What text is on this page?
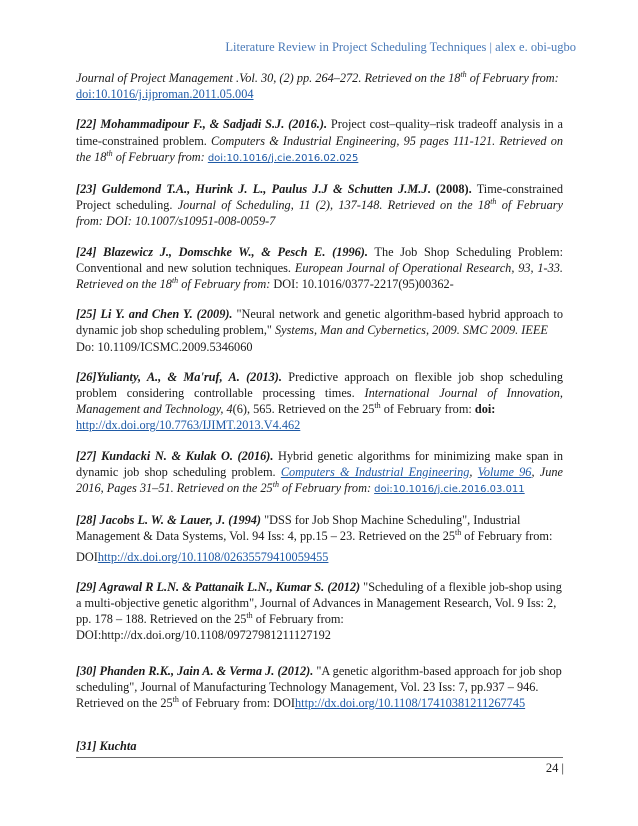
Literature Review in Project Scheduling Techniques | alex e. obi-ugbo

Journal of Project Management .Vol. 30, (2) pp. 264–272. Retrieved on the 18th of February from:
doi:10.1016/j.ijproman.2011.05.004

[22] Mohammadipour F., & Sadjadi S.J. (2016.). Project cost–quality–risk tradeoff analysis in a time-constrained problem. Computers & Industrial Engineering, 95 pages 111-121. Retrieved on the 18th of February from: doi:10.1016/j.cie.2016.02.025

[23] Guldemond T.A., Hurink J. L., Paulus J.J & Schutten J.M.J. (2008). Time-constrained Project scheduling. Journal of Scheduling, 11 (2), 137-148. Retrieved on the 18th of February from: DOI: 10.1007/s10951-008-0059-7

[24] Blazewicz J., Domschke W., & Pesch E. (1996). The Job Shop Scheduling Problem: Conventional and new solution techniques. European Journal of Operational Research, 93, 1-33. Retrieved on the 18th of February from: DOI: 10.1016/0377-2217(95)00362-

[25] Li Y. and Chen Y. (2009). "Neural network and genetic algorithm-based hybrid approach to dynamic job shop scheduling problem," Systems, Man and Cybernetics, 2009. SMC 2009. IEEE
Do: 10.1109/ICSMC.2009.5346060

[26]Yulianty, A., & Ma'ruf, A. (2013). Predictive approach on flexible job shop scheduling problem considering controllable processing times. International Journal of Innovation, Management and Technology, 4(6), 565. Retrieved on the 25th of February from: doi:
http://dx.doi.org/10.7763/IJIMT.2013.V4.462

[27] Kundacki N. & Kulak O. (2016). Hybrid genetic algorithms for minimizing make span in dynamic job shop scheduling problem. Computers & Industrial Engineering, Volume 96, June 2016, Pages 31–51. Retrieved on the 25th of February from: doi:10.1016/j.cie.2016.03.011

[28] Jacobs L. W. & Lauer, J. (1994) "DSS for Job Shop Machine Scheduling", Industrial Management & Data Systems, Vol. 94 Iss: 4, pp.15 – 23. Retrieved on the 25th of February from:

DOIhttp://dx.doi.org/10.1108/02635579410059455

[29] Agrawal R L.N. & Pattanaik L.N., Kumar S. (2012) "Scheduling of a flexible job-shop using a multi-objective genetic algorithm", Journal of Advances in Management Research, Vol. 9 Iss: 2, pp. 178 – 188. Retrieved on the 25th of February from:
DOI:http://dx.doi.org/10.1108/09727981211127192

[30] Phanden R.K., Jain A. & Verma J. (2012). "A genetic algorithm-based approach for job shop scheduling", Journal of Manufacturing Technology Management, Vol. 23 Iss: 7, pp.937 – 946. Retrieved on the 25th of February from: DOIhttp://dx.doi.org/10.1108/17410381211267745

[31] Kuchta

24 |
